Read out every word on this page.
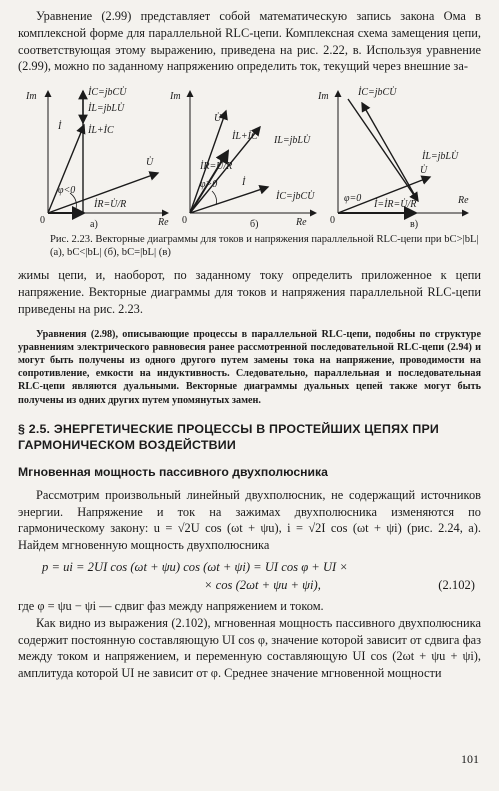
Уравнение (2.99) представляет собой математическую запись закона Ома в комплексной форме для параллельной RLC-цепи. Комплексная схема замещения цепи, соответствующая этому выражению, приведена на рис. 2.22, в. Используя уравнение (2.99), можно по заданному напряжению определить ток, текущий через внешние за-

Im
Re
0
İC=jbCU̇
İL=jbLU̇
İL+İC
İ
U̇
İR=U̇/R
φ<0
а)
Im
Re
0
U̇
İL+İC IL=jbLU̇
İ
İR=U̇/R
φ>0
İC=jbCU̇
б)
Im
Re
0
İC=jbCU̇
İL=jbLU̇
U̇
İ=İR=U̇/R
φ=0
в)

Рис. 2.23. Векторные диаграммы для токов и напряжения параллельной RLC-цепи при bC>|bL| (а), bC<|bL| (б), bC=|bL| (в)

жимы цепи, и, наоборот, по заданному току определить приложенное к цепи напряжение. Векторные диаграммы для токов и напряжения параллельной RLC-цепи приведены на рис. 2.23.

Уравнения (2.98), описывающие процессы в параллельной RLC-цепи, подобны по структуре уравнениям электрического равновесия ранее рассмотренной последовательной RLC-цепи (2.94) и могут быть получены из одного другого путем замены тока на напряжение, проводимости на сопротивление, емкости на индуктивность. Следовательно, параллельная и последовательная RLC-цепи являются дуальными. Векторные диаграммы дуальных цепей также могут быть получены из одних других путем упомянутых замен.

§ 2.5. ЭНЕРГЕТИЧЕСКИЕ ПРОЦЕССЫ В ПРОСТЕЙШИХ ЦЕПЯХ ПРИ ГАРМОНИЧЕСКОМ ВОЗДЕЙСТВИИ
Мгновенная мощность пассивного двухполюсника

Рассмотрим произвольный линейный двухполюсник, не содержащий источников энергии. Напряжение и ток на зажимах двухполюсника изменяются по гармоническому закону: u = √2U cos (ωt + ψu), i = √2I cos (ωt + ψi) (рис. 2.24, а). Найдем мгновенную мощность двухполюсника

p = ui = 2UI cos (ωt + ψu) cos (ωt + ψi) = UI cos φ + UI ×
× cos (2ωt + ψu + ψi),	(2.102)

где φ = ψu − ψi — сдвиг фаз между напряжением и током.

Как видно из выражения (2.102), мгновенная мощность пассивного двухполюсника содержит постоянную составляющую UI cos φ, значение которой зависит от сдвига фаз между током и напряжением, и переменную составляющую UI cos (2ωt + ψu + ψi), амплитуда которой UI не зависит от φ. Среднее значение мгновенной мощности

101
